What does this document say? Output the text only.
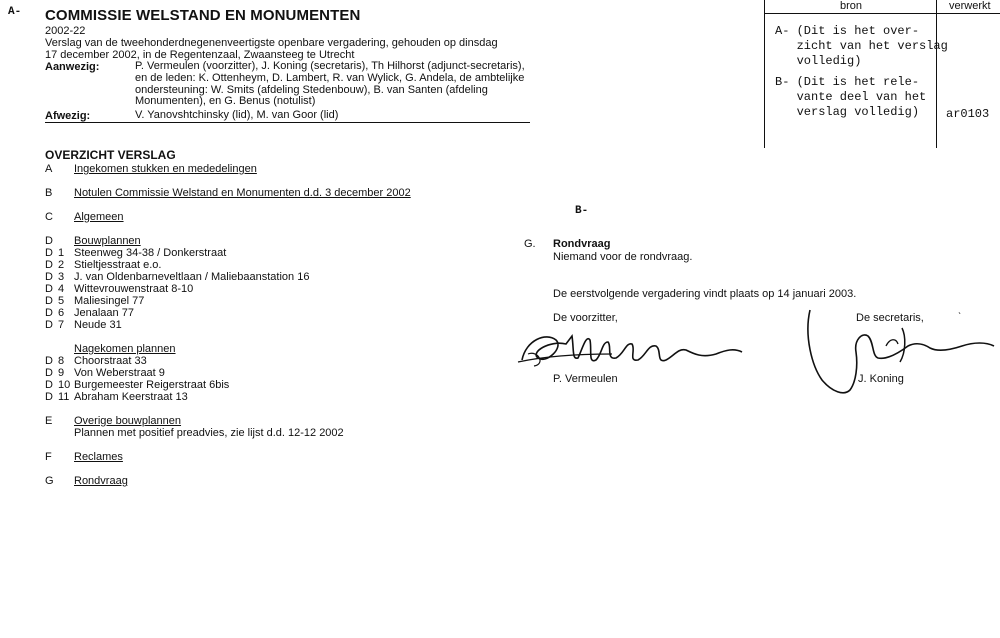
A- COMMISSIE WELSTAND EN MONUMENTEN
2002-22
Verslag van de tweehonderdnegenenveertigste openbare vergadering, gehouden op dinsdag
17 december 2002, in de Regentenzaal, Zwaansteeg te Utrecht
Aanwezig:	P. Vermeulen (voorzitter), J. Koning (secretaris), Th Hilhorst (adjunct-secretaris), en de leden: K. Ottenheym, D. Lambert, R. van Wylick, G. Andela, de ambtelijke ondersteuning: W. Smits (afdeling Stedenbouw), B. van Santen (afdeling Monumenten), en G. Benus (notulist)
Afwezig:	V. Yanovshtchinsky (lid), M. van Goor (lid)
OVERZICHT VERSLAG
A Ingekomen stukken en mededelingen
B Notulen Commissie Welstand en Monumenten d.d. 3 december 2002
C Algemeen
D Bouwplannen
D 1 Steenweg 34-38 / Donkerstraat
D 2 Stieltjesstraat e.o.
D 3 J. van Oldenbarneveltlaan / Maliebaanstation 16
D 4 Wittevrouwenstraat 8-10
D 5 Maliesingel 77
D 6 Jenalaan 77
D 7 Neude 31
Nagekomen plannen
D 8 Choorstraat 33
D 9 Von Weberstraat 9
D 10 Burgemeester Reigerstraat 6bis
D 11 Abraham Keerstraat 13
E Overige bouwplannen
Plannen met positief preadvies, zie lijst d.d. 12-12 2002
F Reclames
G Rondvraag
bron	verwerkt
A- (Dit is het over-
zicht van het verslag
volledig)
B- (Dit is het rele-
vante deel van het
verslag volledig)	ar0103
B-
G. Rondvraag
Niemand voor de rondvraag.
De eerstvolgende vergadering vindt plaats op 14 januari 2003.
De voorzitter,	De secretaris,	ˋ
P. Vermeulen	J. Koning
